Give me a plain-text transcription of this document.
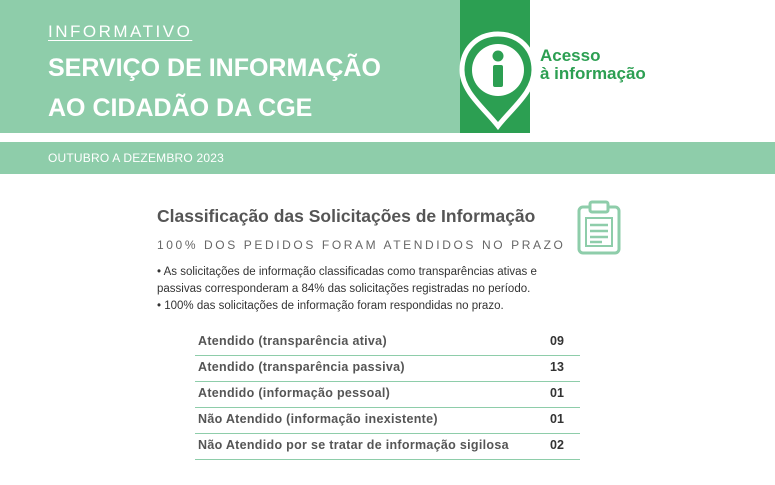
INFORMATIVO
SERVIÇO DE INFORMAÇÃO
AO CIDADÃO DA CGE
Acesso
à informação
OUTUBRO A DEZEMBRO 2023
Classificação das Solicitações de Informação
100% DOS PEDIDOS FORAM ATENDIDOS NO PRAZO
• As solicitações de informação classificadas como transparências ativas e
passivas corresponderam a 84% das solicitações registradas no período.
• 100% das solicitações de informação foram respondidas no prazo.
Atendido (transparência ativa)	09
Atendido (transparência passiva)	13
Atendido (informação pessoal)	01
Não Atendido (informação inexistente)	01
Não Atendido por se tratar de informação sigilosa	02
